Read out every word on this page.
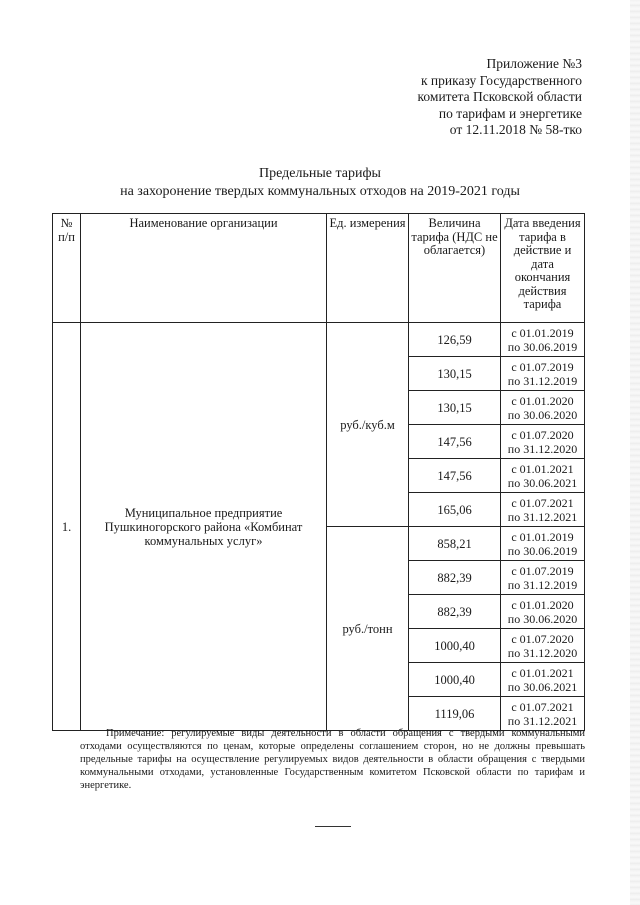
Приложение №3
к приказу Государственного
комитета Псковской области
по тарифам и энергетике
от 12.11.2018 № 58-тко
Предельные тарифы
на захоронение твердых коммунальных отходов на 2019-2021 годы
№ п/п	Наименование организации	Ед. измерения	Величина тарифа (НДС не облагается)	Дата введения тарифа в действие и дата окончания действия тарифа
1.	Муниципальное предприятие Пушкиногорского района «Комбинат коммунальных услуг»	руб./куб.м	126,59	с 01.01.2019
по 30.06.2019

			130,15	с 01.07.2019
по 31.12.2019

			130,15	с 01.01.2020
по 30.06.2020

			147,56	с 01.07.2020
по 31.12.2020

			147,56	с 01.01.2021
по 30.06.2021

			165,06	с 01.07.2021
по 31.12.2021

		руб./тонн	858,21	с 01.01.2019
по 30.06.2019

			882,39	с 01.07.2019
по 31.12.2019

			882,39	с 01.01.2020
по 30.06.2020

			1000,40	с 01.07.2020
по 31.12.2020

			1000,40	с 01.01.2021
по 30.06.2021

			1119,06	с 01.07.2021
по 31.12.2021
Примечание: регулируемые виды деятельности в области обращения с твердыми коммунальными отходами осуществляются по ценам, которые определены соглашением сторон, но не должны превышать предельные тарифы на осуществление регулируемых видов деятельности в области обращения с твердыми коммунальными отходами, установленные Государственным комитетом Псковской области по тарифам и энергетике.
